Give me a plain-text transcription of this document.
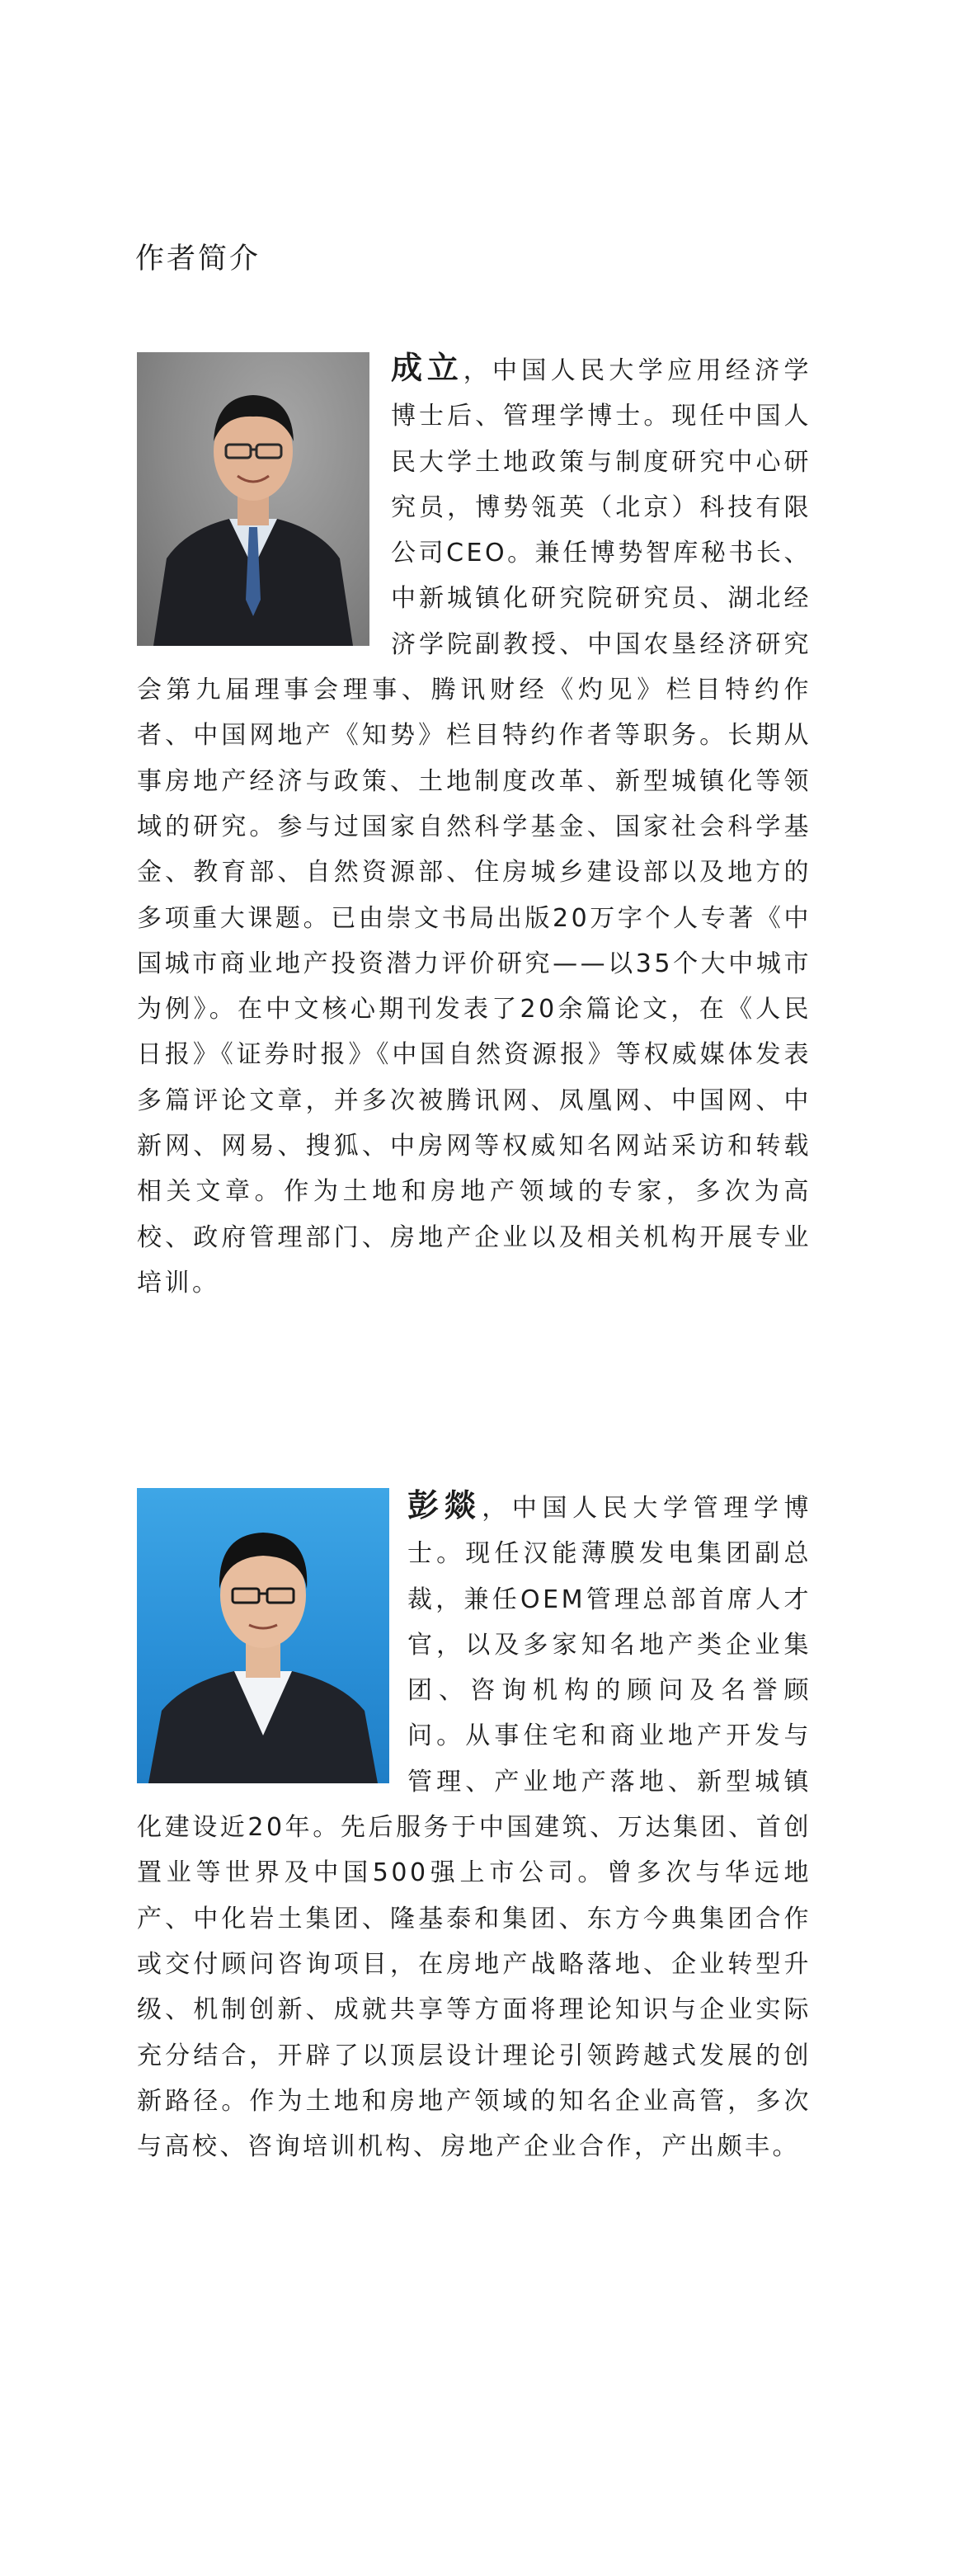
作者简介

成立，中国人民大学应用经济学博士后、管理学博士。现任中国人民大学土地政策与制度研究中心研究员，博势瓴英（北京）科技有限公司CEO。兼任博势智库秘书长、中新城镇化研究院研究员、湖北经济学院副教授、中国农垦经济研究会第九届理事会理事、腾讯财经《灼见》栏目特约作者、中国网地产《知势》栏目特约作者等职务。长期从事房地产经济与政策、土地制度改革、新型城镇化等领域的研究。参与过国家自然科学基金、国家社会科学基金、教育部、自然资源部、住房城乡建设部以及地方的多项重大课题。已由崇文书局出版20万字个人专著《中国城市商业地产投资潜力评价研究——以35个大中城市为例》。在中文核心期刊发表了20余篇论文，在《人民日报》《证券时报》《中国自然资源报》等权威媒体发表多篇评论文章，并多次被腾讯网、凤凰网、中国网、中新网、网易、搜狐、中房网等权威知名网站采访和转载相关文章。作为土地和房地产领域的专家，多次为高校、政府管理部门、房地产企业以及相关机构开展专业培训。

彭燚，中国人民大学管理学博士。现任汉能薄膜发电集团副总裁，兼任OEM管理总部首席人才官，以及多家知名地产类企业集团、咨询机构的顾问及名誉顾问。从事住宅和商业地产开发与管理、产业地产落地、新型城镇化建设近20年。先后服务于中国建筑、万达集团、首创置业等世界及中国500强上市公司。曾多次与华远地产、中化岩土集团、隆基泰和集团、东方今典集团合作或交付顾问咨询项目，在房地产战略落地、企业转型升级、机制创新、成就共享等方面将理论知识与企业实际充分结合，开辟了以顶层设计理论引领跨越式发展的创新路径。作为土地和房地产领域的知名企业高管，多次与高校、咨询培训机构、房地产企业合作，产出颇丰。
